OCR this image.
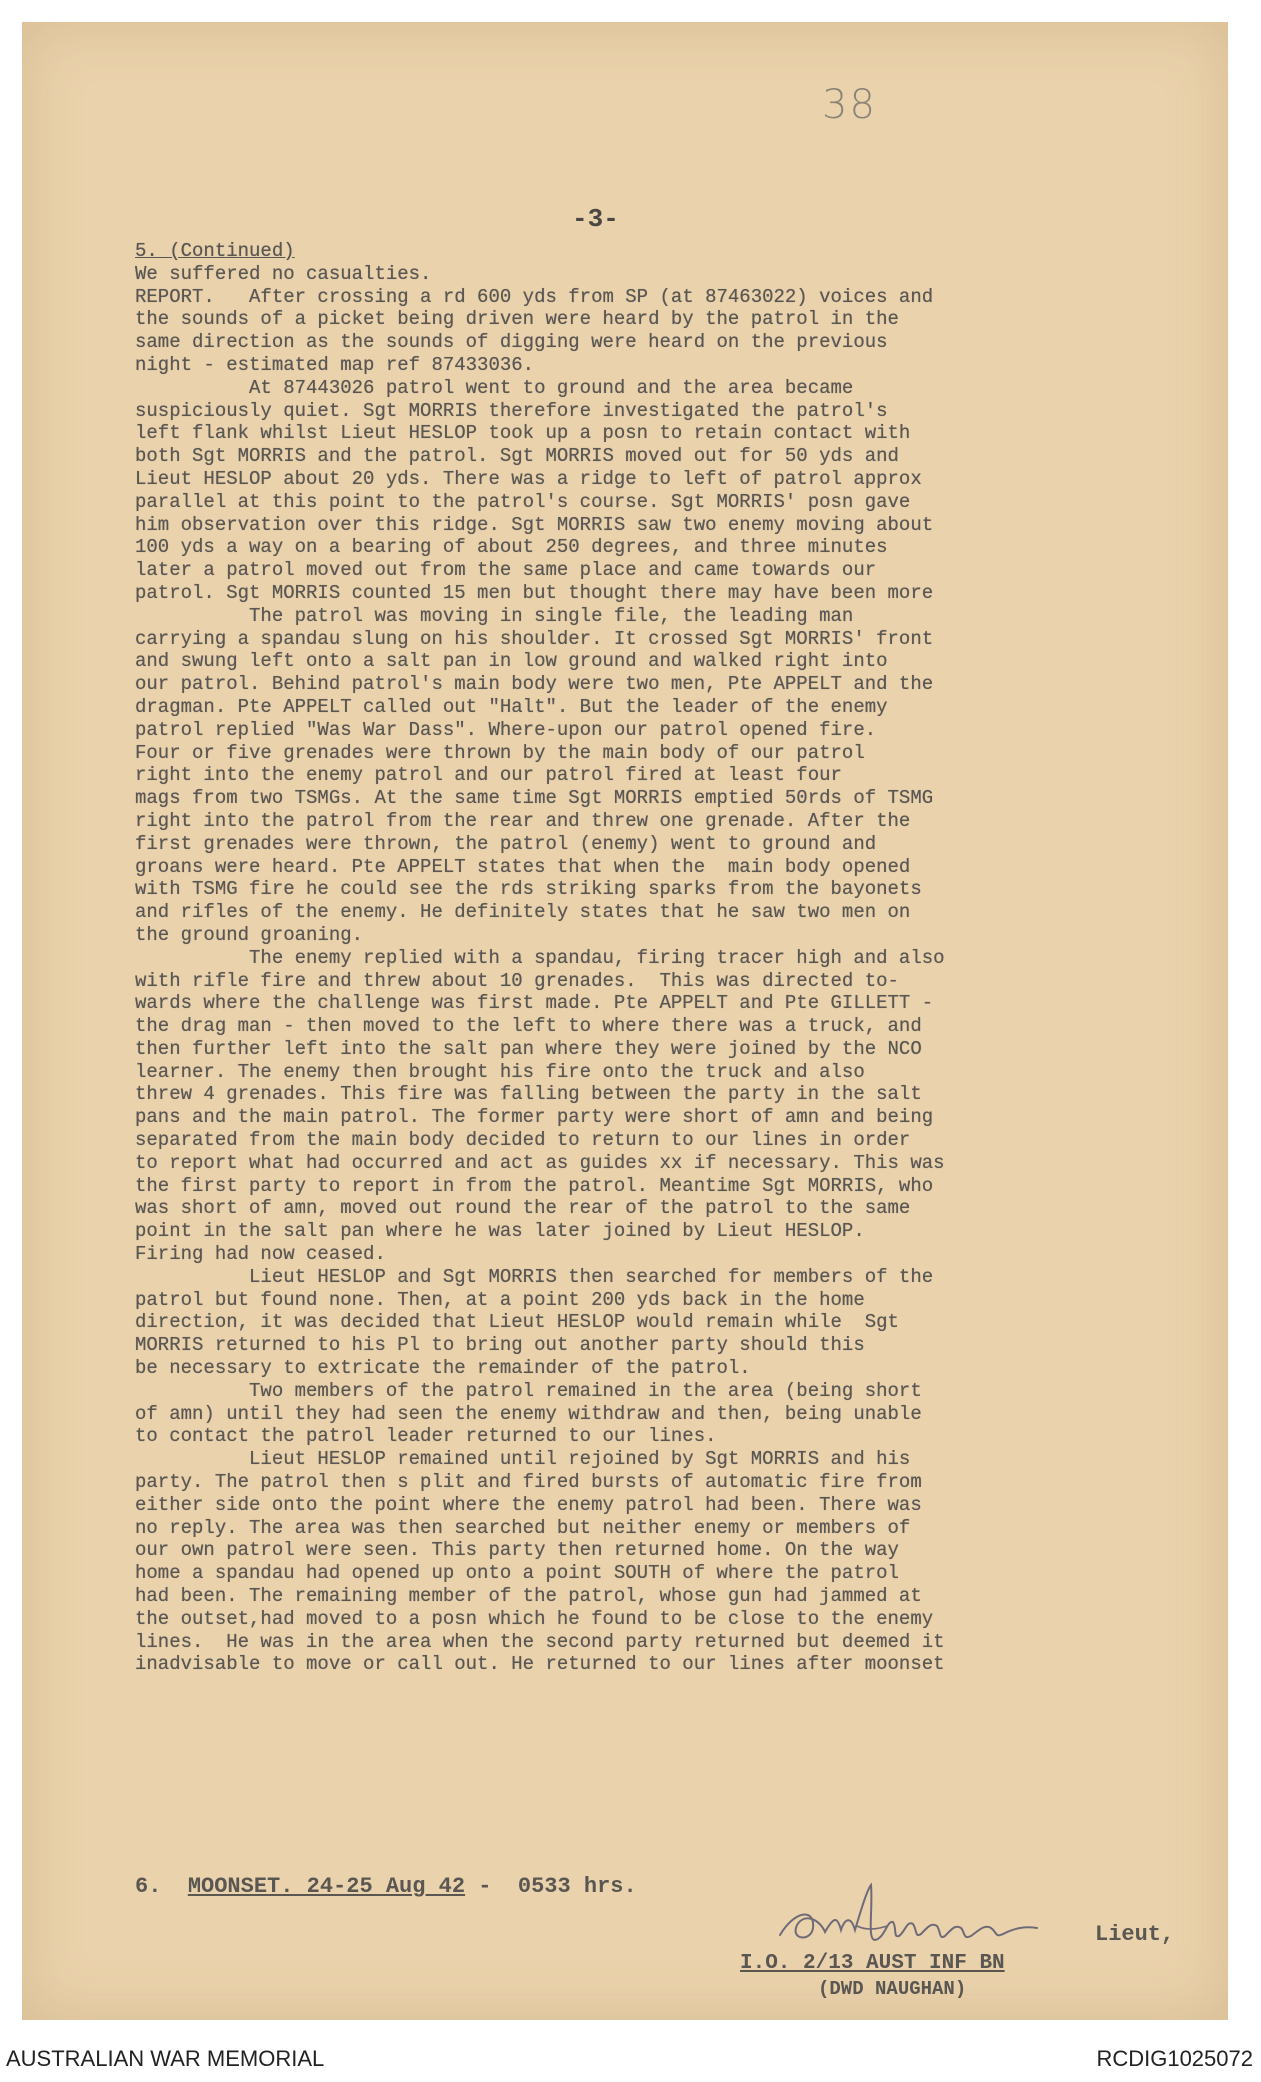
38
-3-
5. (Continued)
We suffered no casualties.
REPORT.   After crossing a rd 600 yds from SP (at 87463022) voices and
the sounds of a picket being driven were heard by the patrol in the
same direction as the sounds of digging were heard on the previous
night - estimated map ref 87433036.
At 87443026 patrol went to ground and the area became
suspiciously quiet. Sgt MORRIS therefore investigated the patrol's
left flank whilst Lieut HESLOP took up a posn to retain contact with
both Sgt MORRIS and the patrol. Sgt MORRIS moved out for 50 yds and
Lieut HESLOP about 20 yds. There was a ridge to left of patrol approx
parallel at this point to the patrol's course. Sgt MORRIS' posn gave
him observation over this ridge. Sgt MORRIS saw two enemy moving about
100 yds a way on a bearing of about 250 degrees, and three minutes
later a patrol moved out from the same place and came towards our
patrol. Sgt MORRIS counted 15 men but thought there may have been more
The patrol was moving in single file, the leading man
carrying a spandau slung on his shoulder. It crossed Sgt MORRIS' front
and swung left onto a salt pan in low ground and walked right into
our patrol. Behind patrol's main body were two men, Pte APPELT and the
dragman. Pte APPELT called out "Halt". But the leader of the enemy
patrol replied "Was War Dass". Where-upon our patrol opened fire.
Four or five grenades were thrown by the main body of our patrol
right into the enemy patrol and our patrol fired at least four
mags from two TSMGs. At the same time Sgt MORRIS emptied 50rds of TSMG
right into the patrol from the rear and threw one grenade. After the
first grenades were thrown, the patrol (enemy) went to ground and
groans were heard. Pte APPELT states that when the  main body opened
with TSMG fire he could see the rds striking sparks from the bayonets
and rifles of the enemy. He definitely states that he saw two men on
the ground groaning.
The enemy replied with a spandau, firing tracer high and also
with rifle fire and threw about 10 grenades.  This was directed to-
wards where the challenge was first made. Pte APPELT and Pte GILLETT -
the drag man - then moved to the left to where there was a truck, and
then further left into the salt pan where they were joined by the NCO
learner. The enemy then brought his fire onto the truck and also
threw 4 grenades. This fire was falling between the party in the salt
pans and the main patrol. The former party were short of amn and being
separated from the main body decided to return to our lines in order
to report what had occurred and act as guides xx if necessary. This was
the first party to report in from the patrol. Meantime Sgt MORRIS, who
was short of amn, moved out round the rear of the patrol to the same
point in the salt pan where he was later joined by Lieut HESLOP.
Firing had now ceased.
Lieut HESLOP and Sgt MORRIS then searched for members of the
patrol but found none. Then, at a point 200 yds back in the home
direction, it was decided that Lieut HESLOP would remain while  Sgt
MORRIS returned to his Pl to bring out another party should this
be necessary to extricate the remainder of the patrol.
Two members of the patrol remained in the area (being short
of amn) until they had seen the enemy withdraw and then, being unable
to contact the patrol leader returned to our lines.
Lieut HESLOP remained until rejoined by Sgt MORRIS and his
party. The patrol then s plit and fired bursts of automatic fire from
either side onto the point where the enemy patrol had been. There was
no reply. The area was then searched but neither enemy or members of
our own patrol were seen. This party then returned home. On the way
home a spandau had opened up onto a point SOUTH of where the patrol
had been. The remaining member of the patrol, whose gun had jammed at
the outset,had moved to a posn which he found to be close to the enemy
lines.  He was in the area when the second party returned but deemed it
inadvisable to move or call out. He returned to our lines after moonset
6. MOONSET. 24-25 Aug 42 -  0533 hrs.
Lieut,
I.O. 2/13 AUST INF BN
(DWD NAUGHAN)
AUSTRALIAN WAR MEMORIAL	RCDIG1025072
